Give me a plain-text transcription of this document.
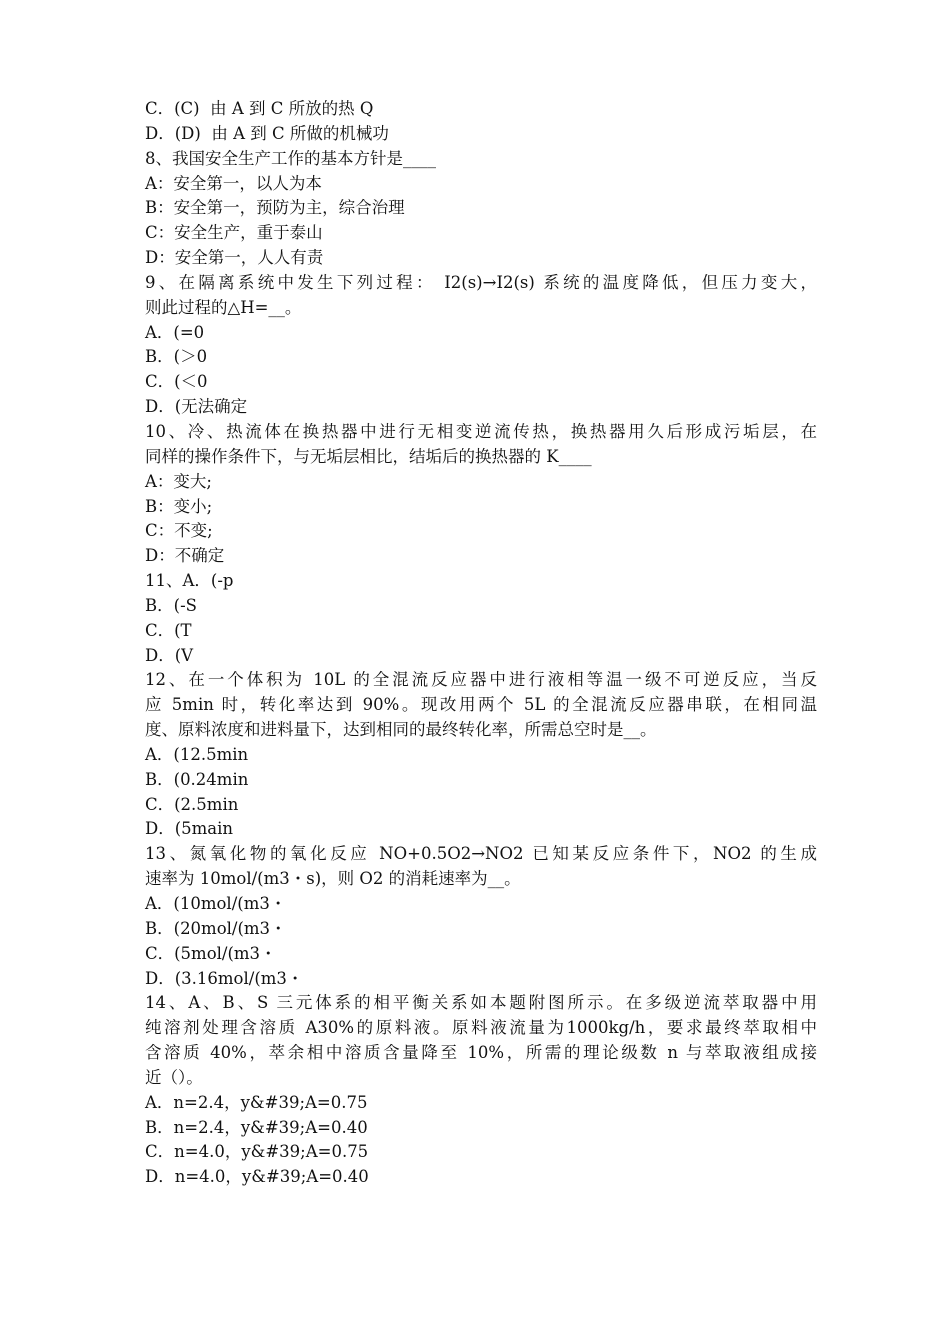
C．(C)  由 A 到 C 所放的热 Q
D．(D)  由 A 到 C 所做的机械功
8、我国安全生产工作的基本方针是____
A：安全第一，以人为本
B：安全第一，预防为主，综合治理
C：安全生产，重于泰山
D：安全第一，人人有责
9、在隔离系统中发生下列过程： I2(s)→I2(s) 系统的温度降低，但压力变大，
则此过程的△H=__。
A．(=0
B．(＞0
C．(＜0
D．(无法确定
10、冷、热流体在换热器中进行无相变逆流传热，换热器用久后形成污垢层，在
同样的操作条件下，与无垢层相比，结垢后的换热器的 K____
A：变大;
B：变小;
C：不变;
D：不确定
11、A．(-p
B．(-S
C．(T
D．(V
12、在一个体积为 10L 的全混流反应器中进行液相等温一级不可逆反应，当反
应 5min 时，转化率达到 90%。现改用两个 5L 的全混流反应器串联，在相同温
度、原料浓度和进料量下，达到相同的最终转化率，所需总空时是__。
A．(12.5min
B．(0.24min
C．(2.5min
D．(5main
13、氮氧化物的氧化反应 NO+0.5O2→NO2 已知某反应条件下，NO2 的生成
速率为 10mol/(m3・s)，则 O2 的消耗速率为__。
A．(10mol/(m3・
B．(20mol/(m3・
C．(5mol/(m3・
D．(3.16mol/(m3・
14、A、B、S 三元体系的相平衡关系如本题附图所示。在多级逆流萃取器中用
纯溶剂处理含溶质 A30%的原料液。原料液流量为1000kg/h，要求最终萃取相中
含溶质 40%，萃余相中溶质含量降至 10%，所需的理论级数 n 与萃取液组成接
近（）。
A．n=2.4，y&#39;A=0.75
B．n=2.4，y&#39;A=0.40
C．n=4.0，y&#39;A=0.75
D．n=4.0，y&#39;A=0.40
